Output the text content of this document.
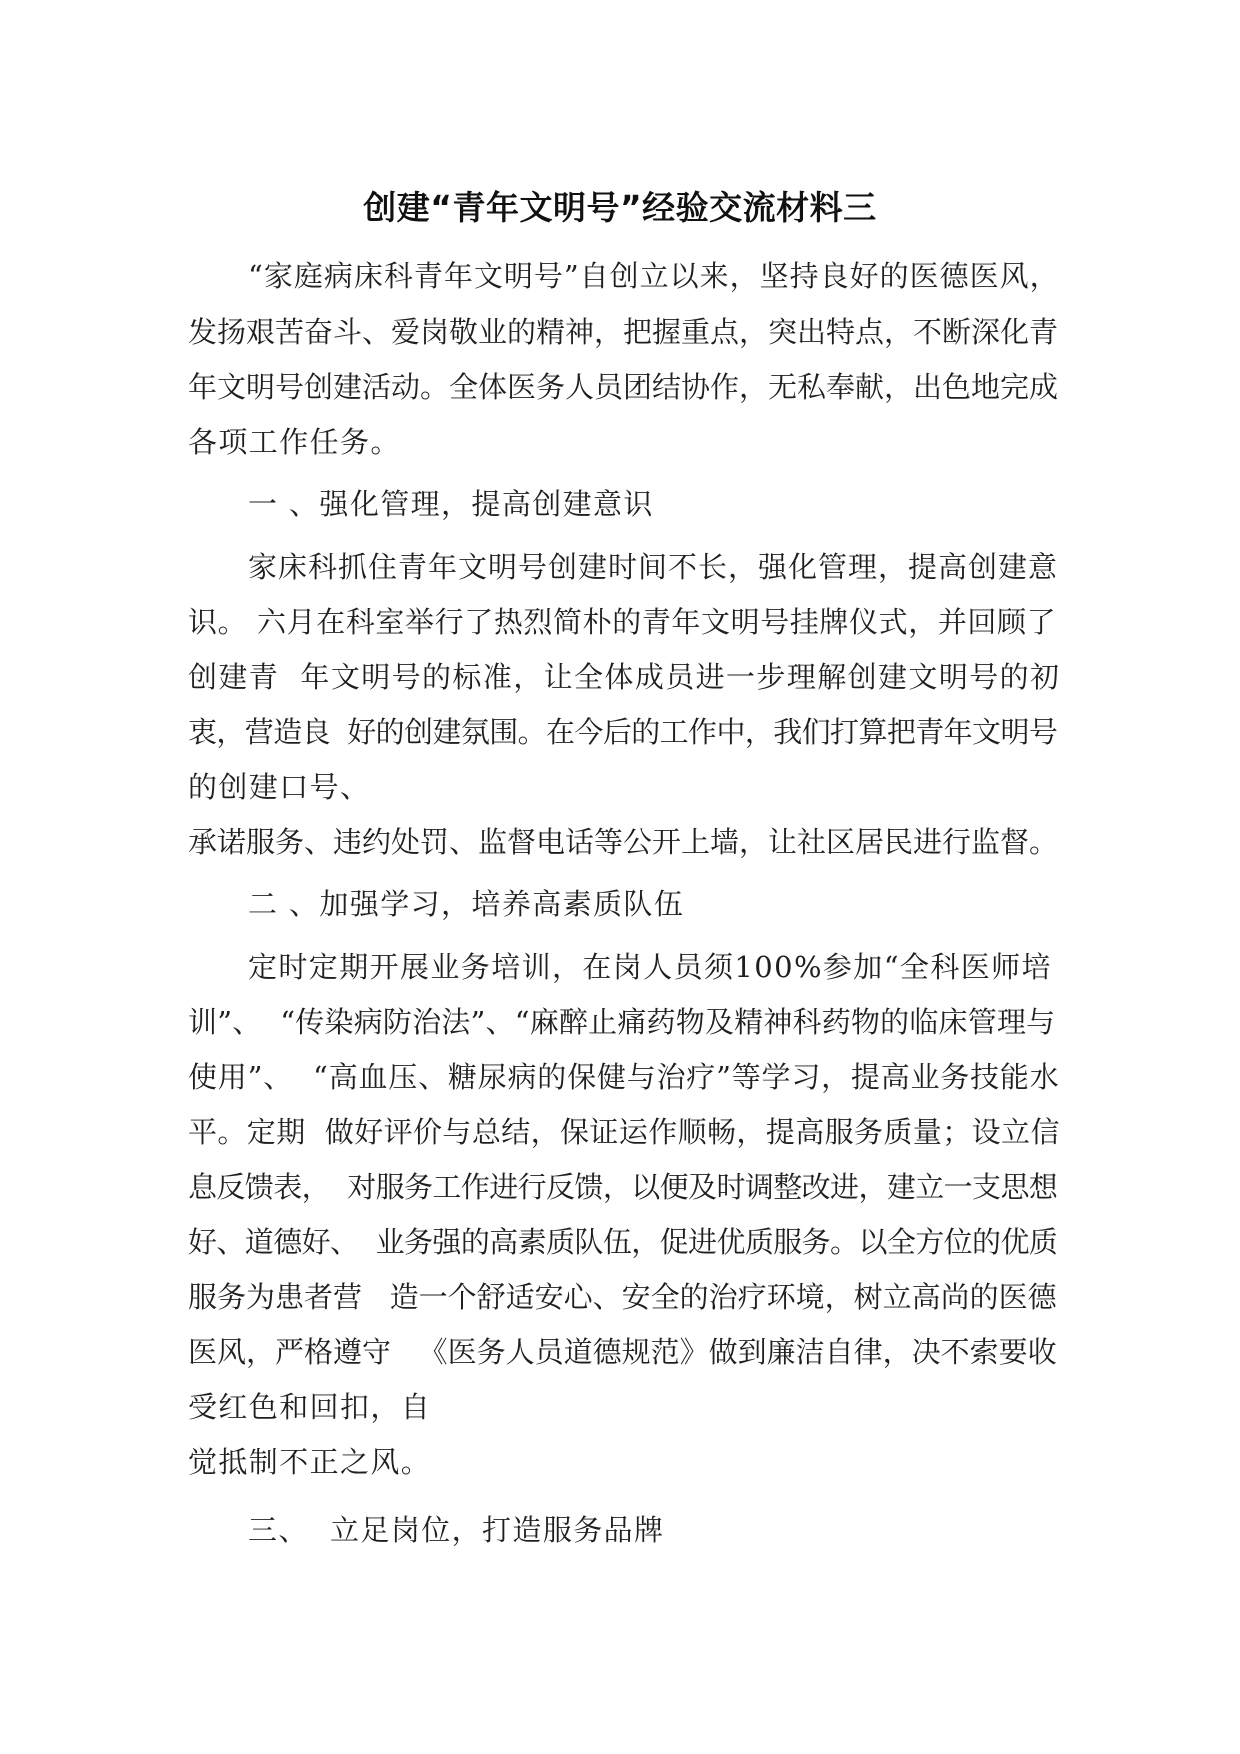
创建“青年文明号”经验交流材料三
“家庭病床科青年文明号”自创立以来，坚持良好的医德医风，
发扬艰苦奋斗、爱岗敬业的精神，把握重点，突出特点，不断深化青
年文明号创建活动。全体医务人员团结协作，无私奉献，出色地完成
各项工作任务。
一 、强化管理，提高创建意识
家床科抓住青年文明号创建时间不长，强化管理，提高创建意
识。 六月在科室举行了热烈简朴的青年文明号挂牌仪式，并回顾了
创建青  年文明号的标准，让全体成员进一步理解创建文明号的初
衷，营造良  好的创建氛围。在今后的工作中，我们打算把青年文明号
的创建口号、
承诺服务、违约处罚、监督电话等公开上墙，让社区居民进行监督。
二 、加强学习，培养高素质队伍
定时定期开展业务培训，在岗人员须100%参加“全科医师培
训”、  “传染病防治法”、“麻醉止痛药物及精神科药物的临床管理与
使用”、  “高血压、糖尿病的保健与治疗”等学习，提高业务技能水
平。定期  做好评价与总结，保证运作顺畅，提高服务质量；设立信
息反馈表，  对服务工作进行反馈，以便及时调整改进，建立一支思想
好、道德好、  业务强的高素质队伍，促进优质服务。以全方位的优质
服务为患者营   造一个舒适安心、安全的治疗环境，树立高尚的医德
医风，严格遵守   《医务人员道德规范》做到廉洁自律，决不索要收
受红色和回扣，自
觉抵制不正之风。
三、  立足岗位，打造服务品牌
